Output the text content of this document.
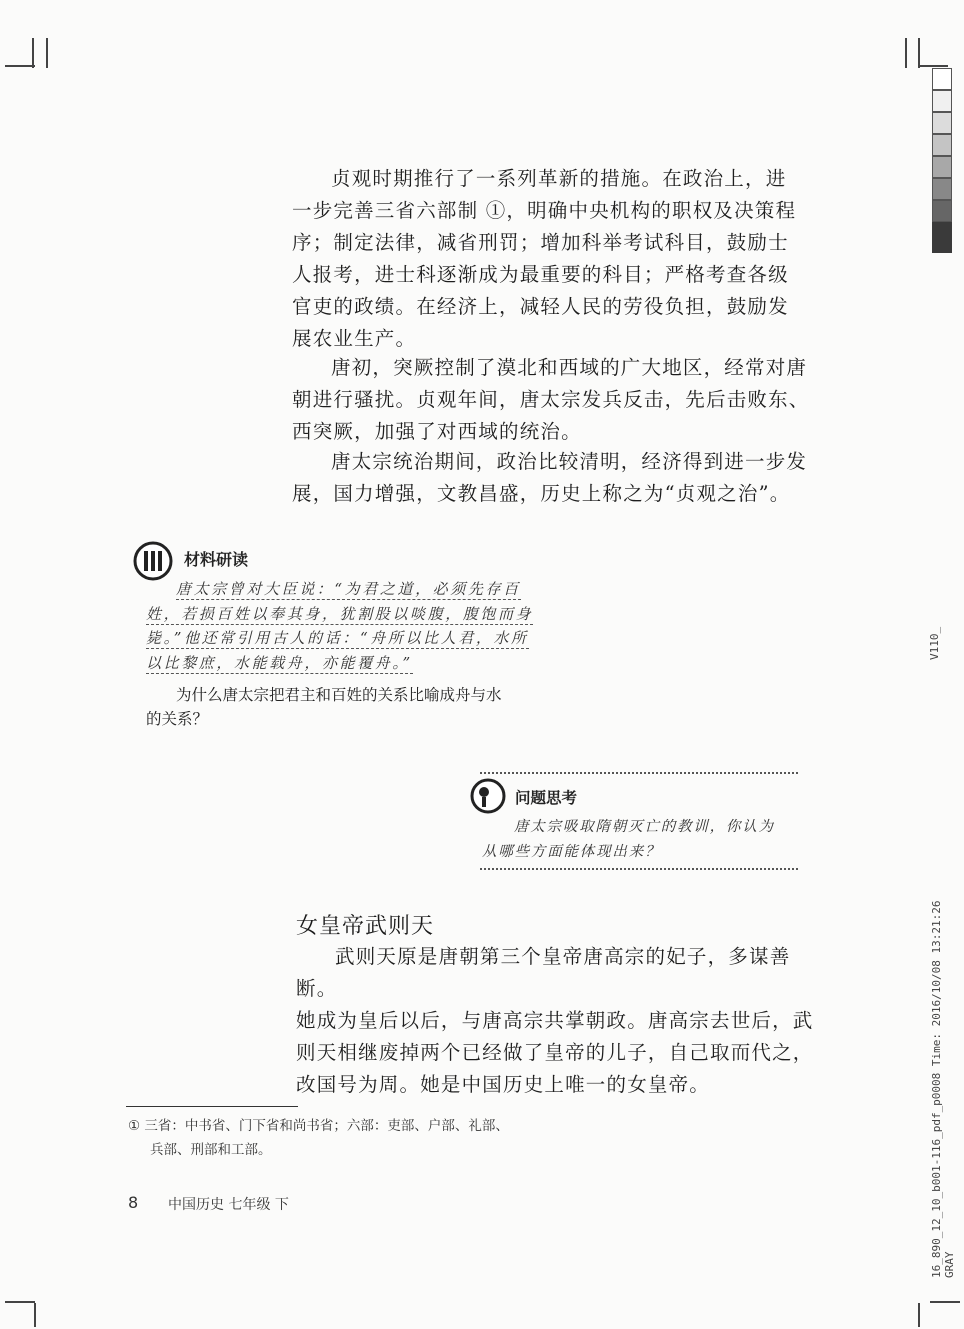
贞观时期推行了一系列革新的措施。在政治上，进
一步完善三省六部制 ①，明确中央机构的职权及决策程
序；制定法律，减省刑罚；增加科举考试科目，鼓励士
人报考，进士科逐渐成为最重要的科目；严格考查各级
官吏的政绩。在经济上，减轻人民的劳役负担，鼓励发
展农业生产。
唐初，突厥控制了漠北和西域的广大地区，经常对唐
朝进行骚扰。贞观年间，唐太宗发兵反击，先后击败东、
西突厥，加强了对西域的统治。
唐太宗统治期间，政治比较清明，经济得到进一步发
展，国力增强，文教昌盛，历史上称之为“贞观之治”。
材料研读
唐太宗曾对大臣说：“为君之道，必须先存百
姓，若损百姓以奉其身，犹割股以啖腹，腹饱而身
毙。”他还常引用古人的话：“舟所以比人君，水所
以比黎庶，水能载舟，亦能覆舟。”
为什么唐太宗把君主和百姓的关系比喻成舟与水
的关系？
问题思考
唐太宗吸取隋朝灭亡的教训，你认为
从哪些方面能体现出来？
女皇帝武则天
武则天原是唐朝第三个皇帝唐高宗的妃子，多谋善断。
她成为皇后以后，与唐高宗共掌朝政。唐高宗去世后，武
则天相继废掉两个已经做了皇帝的儿子，自己取而代之，
改国号为周。她是中国历史上唯一的女皇帝。
① 三省：中书省、门下省和尚书省；六部：吏部、户部、礼部、
兵部、刑部和工部。
8 中国历史 七年级 下
V110_
16_890_12_10_b001-116_pdf_p0008 Time: 2016/10/08 13:21:26 GRAY
